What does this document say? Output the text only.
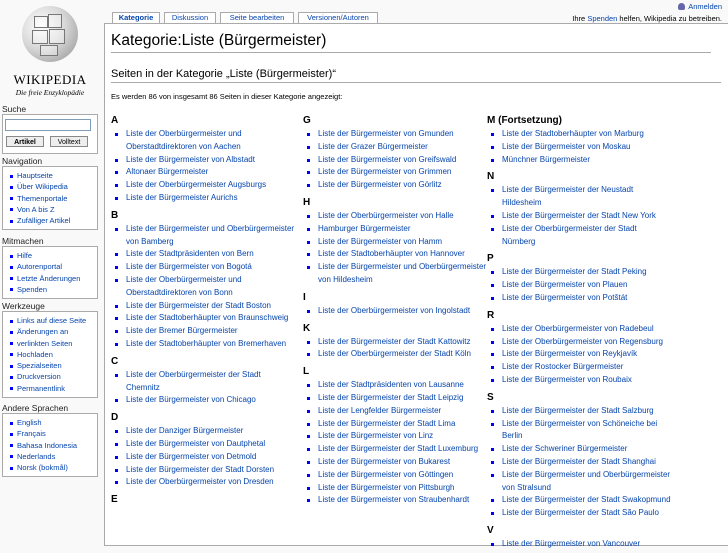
WIKIPEDIA
Die freie Enzyklopädie
Anmelden
Ihre Spenden helfen, Wikipedia zu betreiben.
Kategorie	Diskussion	Seite bearbeiten	Versionen/Autoren
Suche
Artikel	Volltext
Navigation
Hauptseite
Über Wikipedia
Themenportale
Von A bis Z
Zufälliger Artikel
Mitmachen
Hilfe
Autorenportal
Letzte Änderungen
Spenden
Werkzeuge
Links auf diese Seite
Änderungen an
verlinkten Seiten
Hochladen
Spezialseiten
Druckversion
Permanentlink
Andere Sprachen
English
Français
Bahasa Indonesia
Nederlands
Norsk (bokmål)
Kategorie:Liste (Bürgermeister)
Seiten in der Kategorie „Liste (Bürgermeister)“
Es werden 86 von insgesamt 86 Seiten in dieser Kategorie angezeigt:
A
Liste der Oberbürgermeister und Oberstadtdirektoren von Aachen
Liste der Bürgermeister von Albstadt
Altonaer Bürgermeister
Liste der Oberbürgermeister Augsburgs
Liste der Bürgermeister Aurichs
B
Liste der Bürgermeister und Oberbürgermeister von Bamberg
Liste der Stadtpräsidenten von Bern
Liste der Bürgermeister von Bogotá
Liste der Oberbürgermeister und Oberstadtdirektoren von Bonn
Liste der Bürgermeister der Stadt Boston
Liste der Stadtoberhäupter von Braunschweig
Liste der Bremer Bürgermeister
Liste der Stadtoberhäupter von Bremerhaven
C
Liste der Oberbürgermeister der Stadt Chemnitz
Liste der Bürgermeister von Chicago
D
Liste der Danziger Bürgermeister
Liste der Bürgermeister von Dautphetal
Liste der Bürgermeister von Detmold
Liste der Bürgermeister der Stadt Dorsten
Liste der Oberbürgermeister von Dresden
E
G
Liste der Bürgermeister von Gmunden
Liste der Grazer Bürgermeister
Liste der Bürgermeister von Greifswald
Liste der Bürgermeister von Grimmen
Liste der Bürgermeister von Görlitz
H
Liste der Oberbürgermeister von Halle
Hamburger Bürgermeister
Liste der Bürgermeister von Hamm
Liste der Stadtoberhäupter von Hannover
Liste der Bürgermeister und Oberbürgermeister von Hildesheim
I
Liste der Oberbürgermeister von Ingolstadt
K
Liste der Bürgermeister der Stadt Kattowitz
Liste der Oberbürgermeister der Stadt Köln
L
Liste der Stadtpräsidenten von Lausanne
Liste der Bürgermeister der Stadt Leipzig
Liste der Lengfelder Bürgermeister
Liste der Bürgermeister der Stadt Lima
Liste der Bürgermeister von Linz
Liste der Bürgermeister der Stadt Luxemburg
Liste der Bürgermeister von Bukarest
Liste der Bürgermeister von Göttingen
Liste der Bürgermeister von Pittsburgh
Liste der Bürgermeister von Straubenhardt
M (Fortsetzung)
Liste der Stadtoberhäupter von Marburg
Liste der Bürgermeister von Moskau
Münchner Bürgermeister
N
Liste der Bürgermeister der Neustadt Hildesheim
Liste der Bürgermeister der Stadt New York
Liste der Oberbürgermeister der Stadt Nürnberg
P
Liste der Bürgermeister der Stadt Peking
Liste der Bürgermeister von Plauen
Liste der Bürgermeister von Potštát
R
Liste der Oberbürgermeister von Radebeul
Liste der Oberbürgermeister von Regensburg
Liste der Bürgermeister von Reykjavík
Liste der Rostocker Bürgermeister
Liste der Bürgermeister von Roubaix
S
Liste der Bürgermeister der Stadt Salzburg
Liste der Bürgermeister von Schöneiche bei Berlin
Liste der Schweriner Bürgermeister
Liste der Bürgermeister der Stadt Shanghai
Liste der Bürgermeister und Oberbürgermeister von Stralsund
Liste der Bürgermeister der Stadt Swakopmund
Liste der Bürgermeister der Stadt São Paulo
V
Liste der Bürgermeister von Vancouver
